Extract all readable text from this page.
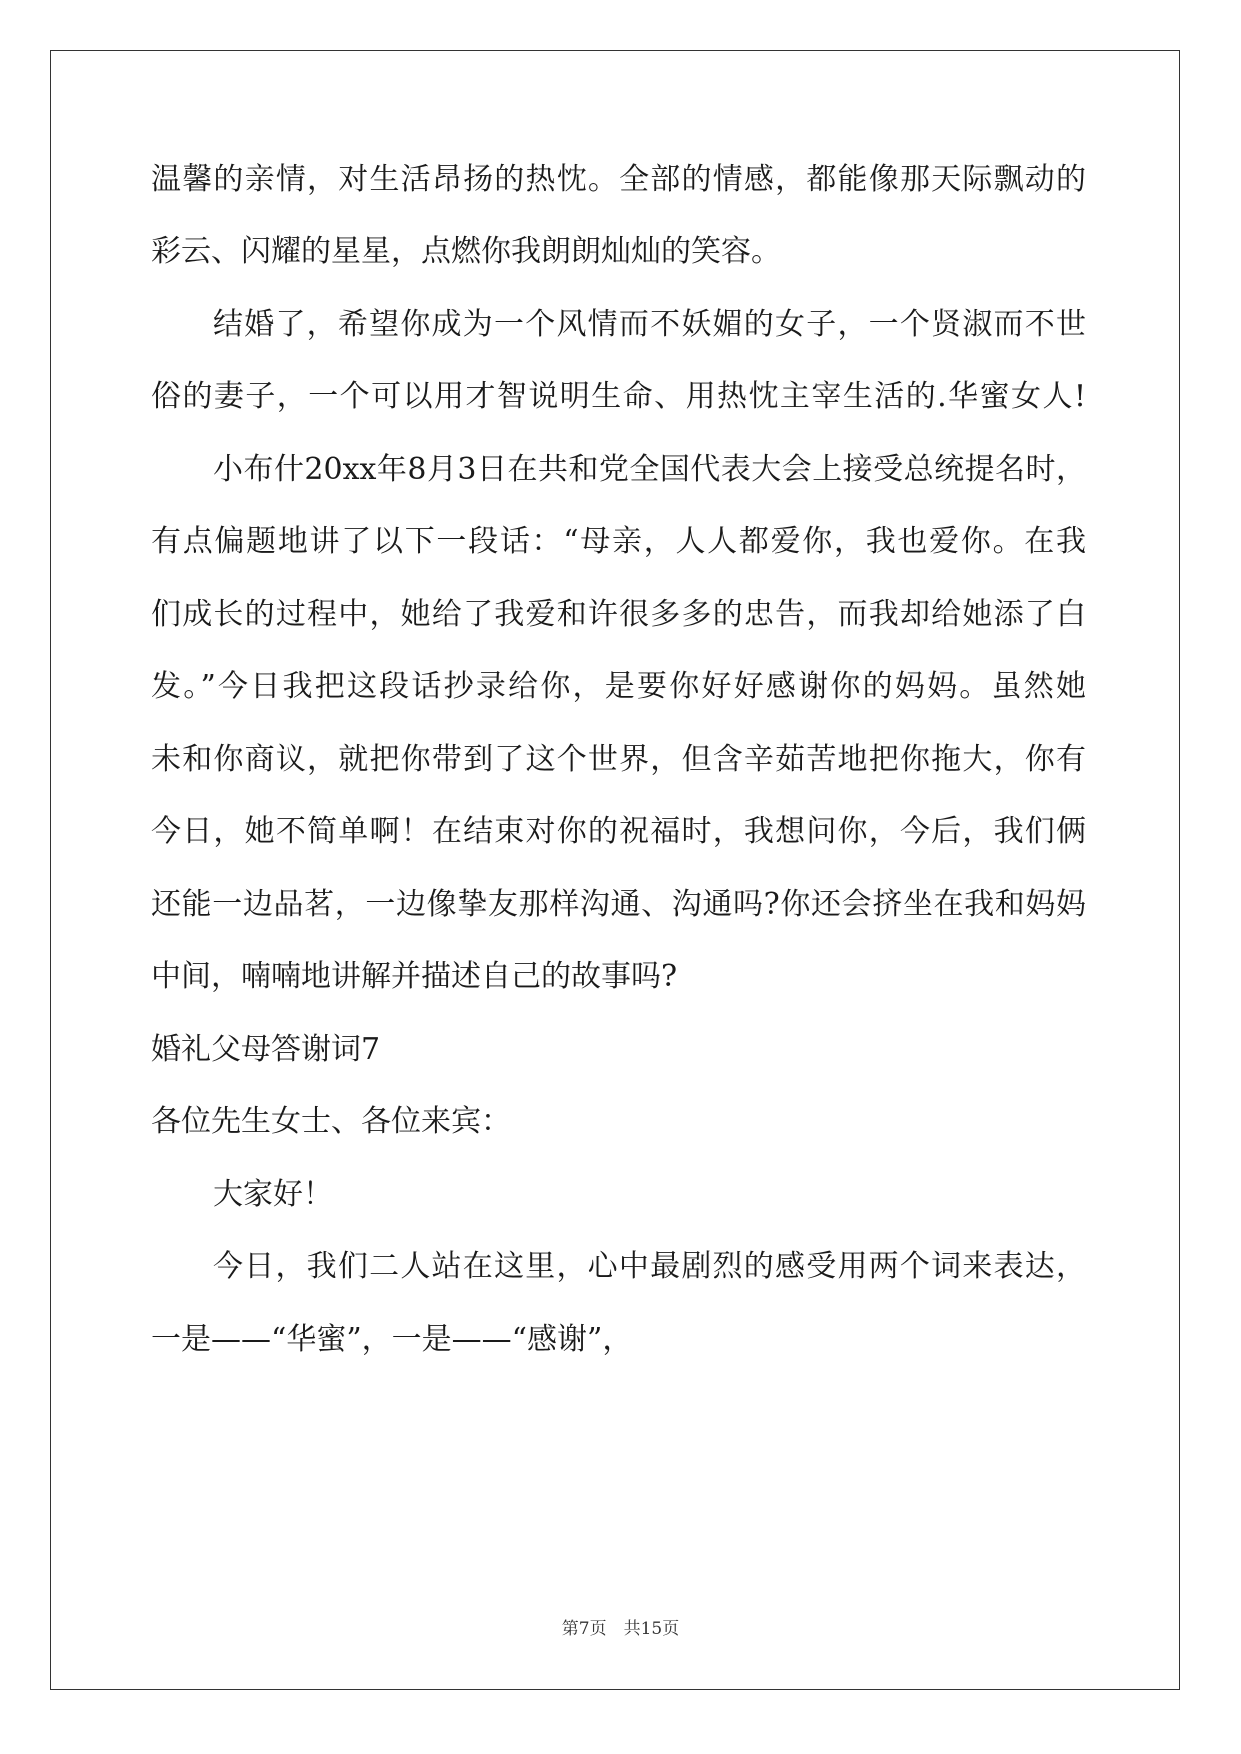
温馨的亲情，对生活昂扬的热忱。全部的情感，都能像那天际飘动的
彩云、闪耀的星星，点燃你我朗朗灿灿的笑容。
结婚了，希望你成为一个风情而不妖媚的女子，一个贤淑而不世
俗的妻子，一个可以用才智说明生命、用热忱主宰生活的.华蜜女人!
小布什20xx年8月3日在共和党全国代表大会上接受总统提名时，
有点偏题地讲了以下一段话：“母亲，人人都爱你，我也爱你。在我
们成长的过程中，她给了我爱和许很多多的忠告，而我却给她添了白
发。”今日我把这段话抄录给你，是要你好好感谢你的妈妈。虽然她
未和你商议，就把你带到了这个世界，但含辛茹苦地把你拖大，你有
今日，她不简单啊！在结束对你的祝福时，我想问你，今后，我们俩
还能一边品茗，一边像挚友那样沟通、沟通吗?你还会挤坐在我和妈妈
中间，喃喃地讲解并描述自己的故事吗?
婚礼父母答谢词7
各位先生女士、各位来宾：
大家好！
今日，我们二人站在这里，心中最剧烈的感受用两个词来表达，
一是——“华蜜”，一是——“感谢”，
第7页　共15页
